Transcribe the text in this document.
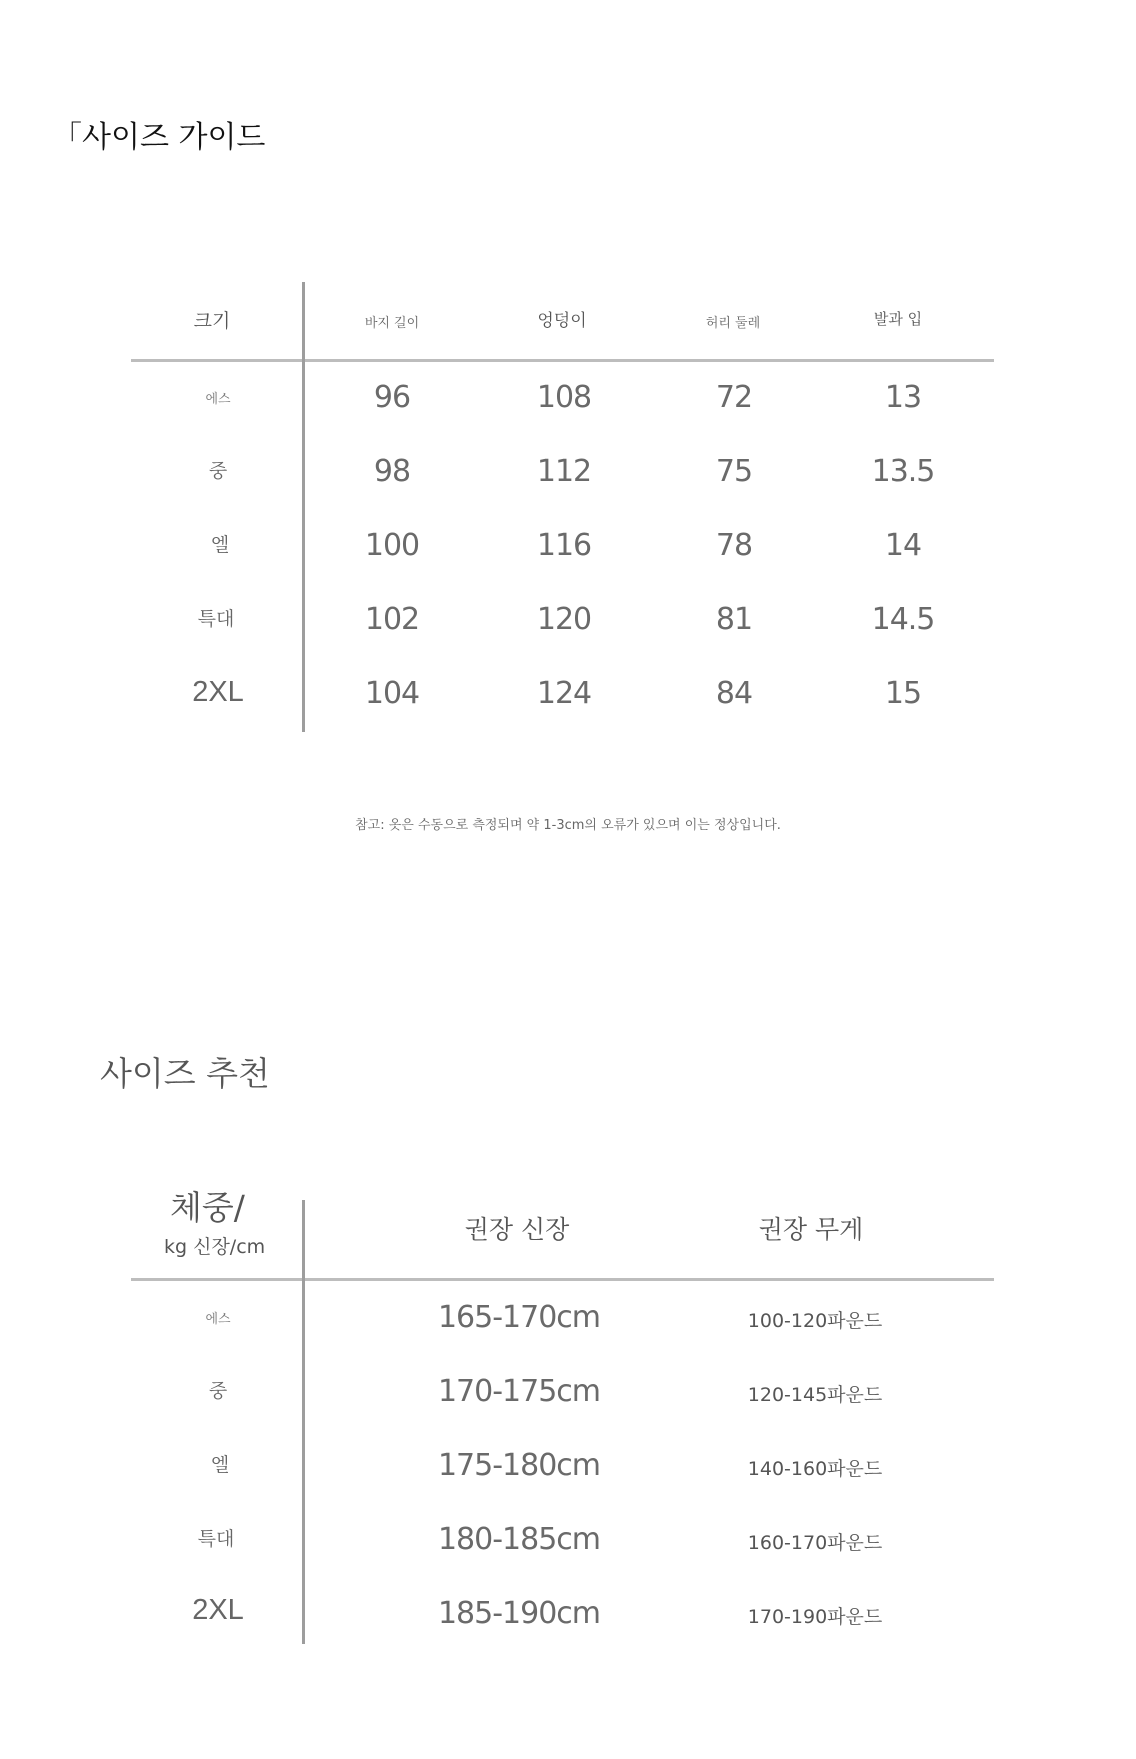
「사이즈 가이드
크기	바지 길이	엉덩이	허리 둘레	발과 입
에스	96	108	72	13
중	98	112	75	13.5
엘	100	116	78	14
특대	102	120	81	14.5
2XL	104	124	84	15
참고: 옷은 수동으로 측정되며 약 1-3cm의 오류가 있으며 이는 정상입니다.
사이즈 추천
체중/
kg 신장/cm
권장 신장	권장 무게
에스	165-170cm	100-120파운드
중	170-175cm	120-145파운드
엘	175-180cm	140-160파운드
특대	180-185cm	160-170파운드
2XL	185-190cm	170-190파운드
